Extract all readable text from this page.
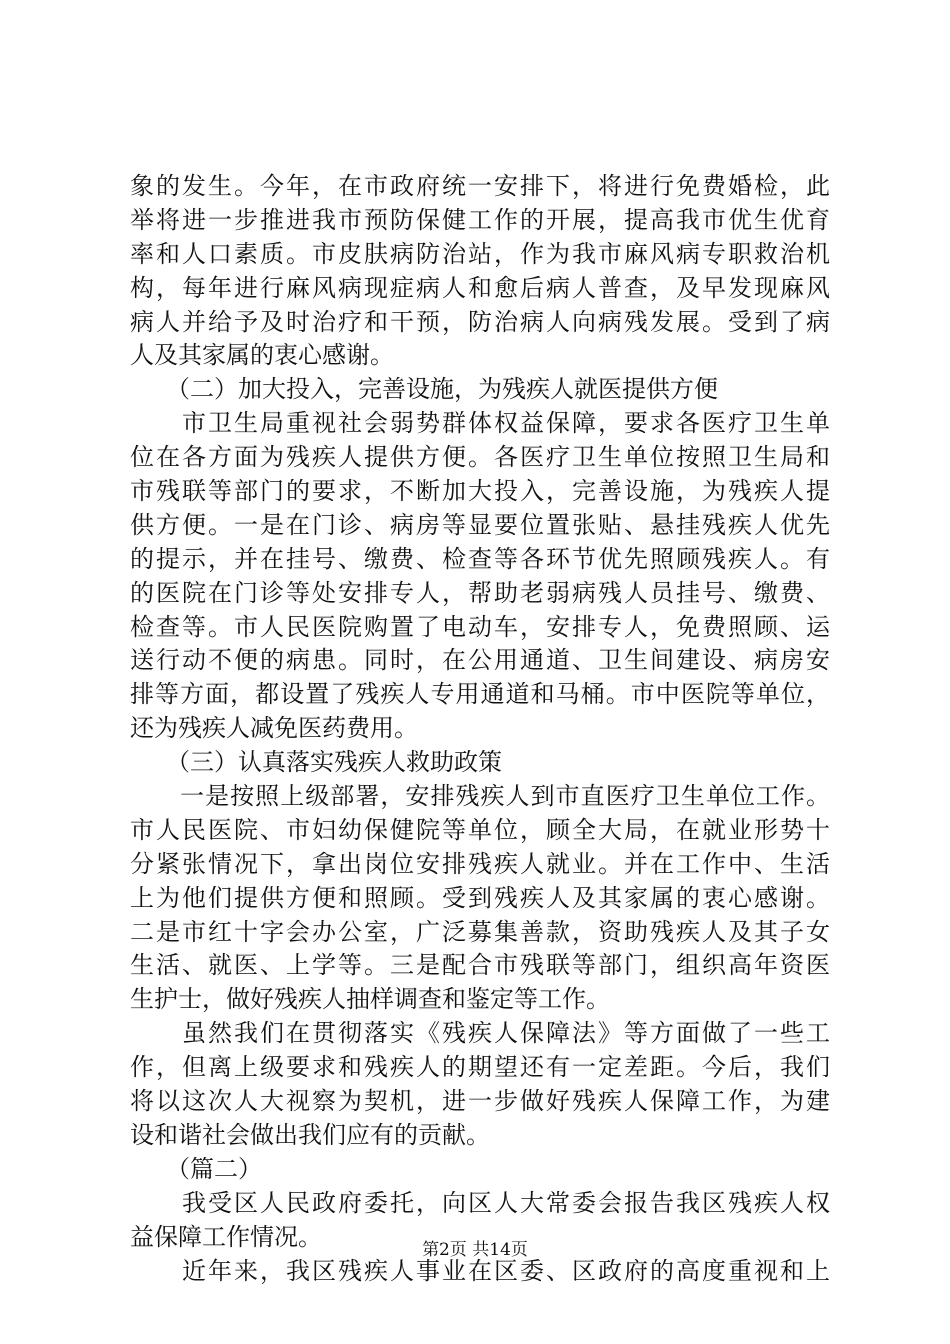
象的发生。今年，在市政府统一安排下，将进行免费婚检，此
举将进一步推进我市预防保健工作的开展，提高我市优生优育
率和人口素质。市皮肤病防治站，作为我市麻风病专职救治机
构，每年进行麻风病现症病人和愈后病人普查，及早发现麻风
病人并给予及时治疗和干预，防治病人向病残发展。受到了病
人及其家属的衷心感谢。
　　（二）加大投入，完善设施，为残疾人就医提供方便
　　市卫生局重视社会弱势群体权益保障，要求各医疗卫生单
位在各方面为残疾人提供方便。各医疗卫生单位按照卫生局和
市残联等部门的要求，不断加大投入，完善设施，为残疾人提
供方便。一是在门诊、病房等显要位置张贴、悬挂残疾人优先
的提示，并在挂号、缴费、检查等各环节优先照顾残疾人。有
的医院在门诊等处安排专人，帮助老弱病残人员挂号、缴费、
检查等。市人民医院购置了电动车，安排专人，免费照顾、运
送行动不便的病患。同时，在公用通道、卫生间建设、病房安
排等方面，都设置了残疾人专用通道和马桶。市中医院等单位，
还为残疾人减免医药费用。
　　（三）认真落实残疾人救助政策
　　一是按照上级部署，安排残疾人到市直医疗卫生单位工作。
市人民医院、市妇幼保健院等单位，顾全大局，在就业形势十
分紧张情况下，拿出岗位安排残疾人就业。并在工作中、生活
上为他们提供方便和照顾。受到残疾人及其家属的衷心感谢。
二是市红十字会办公室，广泛募集善款，资助残疾人及其子女
生活、就医、上学等。三是配合市残联等部门，组织高年资医
生护士，做好残疾人抽样调查和鉴定等工作。
　　虽然我们在贯彻落实《残疾人保障法》等方面做了一些工
作，但离上级要求和残疾人的期望还有一定差距。今后，我们
将以这次人大视察为契机，进一步做好残疾人保障工作，为建
设和谐社会做出我们应有的贡献。
　　（篇二）
　　我受区人民政府委托，向区人大常委会报告我区残疾人权
益保障工作情况。
　　近年来，我区残疾人事业在区委、区政府的高度重视和上
第2页 共14页
